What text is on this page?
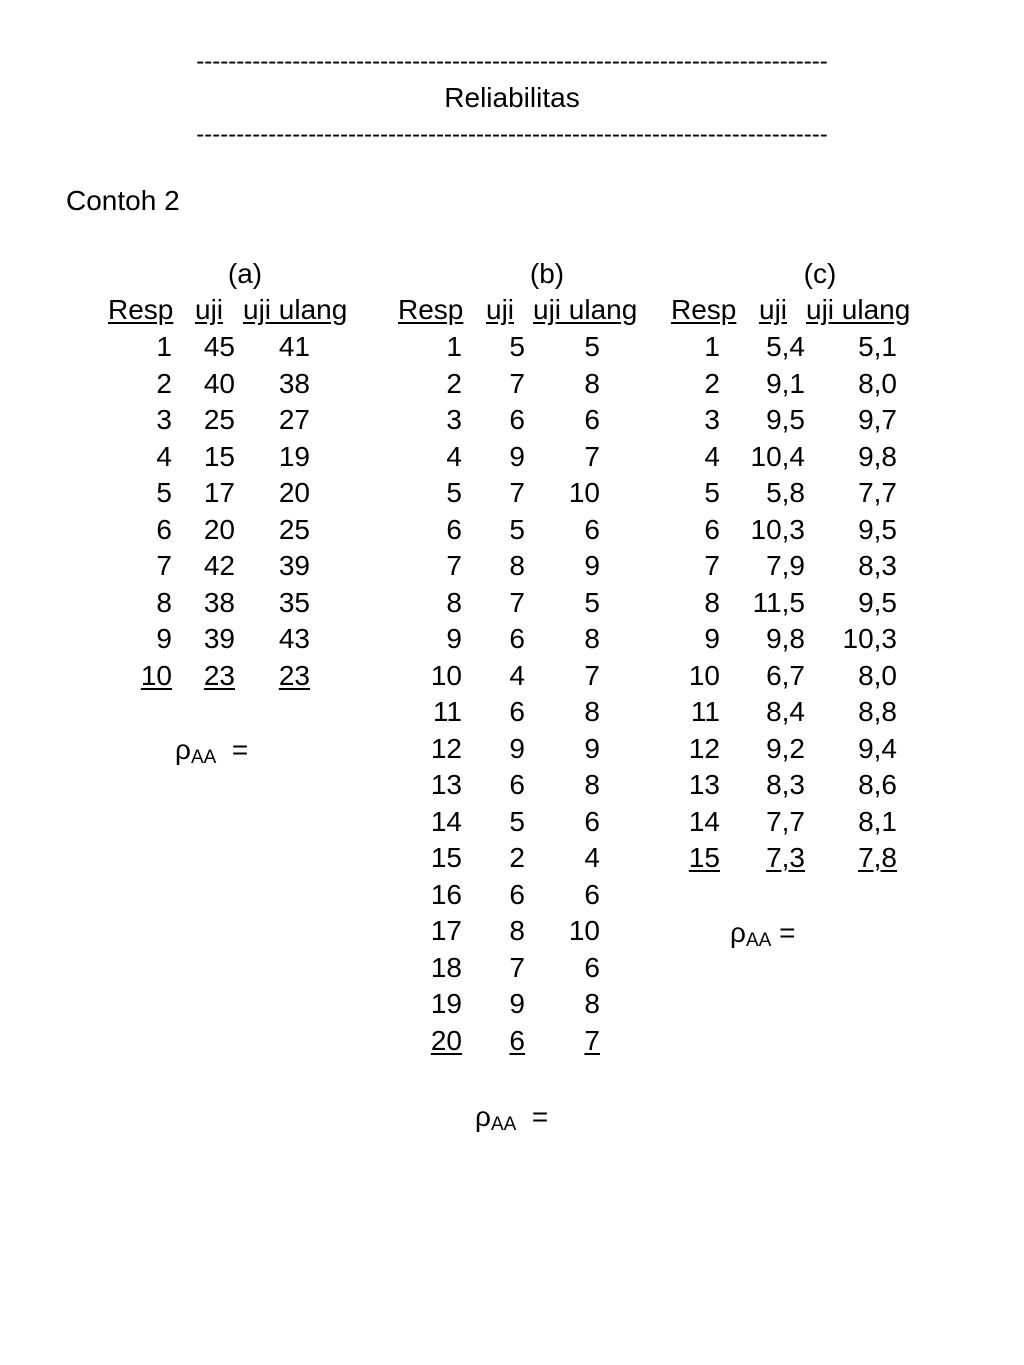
-------------------------------------------------------------------------------
Reliabilitas
-------------------------------------------------------------------------------
Contoh 2
(a)
Resp uji uji ulang
1
2
3
4
5
6
7
8
9
10
45
40
25
15
17
20
42
38
39
23
41
38
27
19
20
25
39
35
43
23
$\rho_{AA}$ =
(b)
Resp uji uji ulang
1
2
3
4
5
6
7
8
9
10
11
12
13
14
15
16
17
18
19
20
5
7
6
9
7
5
8
7
6
4
6
9
6
5
2
6
8
7
9
6
5
8
6
7
10
6
9
5
8
7
8
9
8
6
4
6
10
6
8
7
$\rho_{AA}$ =
(c)
Resp uji uji ulang
1
2
3
4
5
6
7
8
9
10
11
12
13
14
15
5,4
9,1
9,5
10,4
5,8
10,3
7,9
11,5
9,8
6,7
8,4
9,2
8,3
7,7
7,3
5,1
8,0
9,7
9,8
7,7
9,5
8,3
9,5
10,3
8,0
8,8
9,4
8,6
8,1
7,8
$\rho_{AA}$ =
